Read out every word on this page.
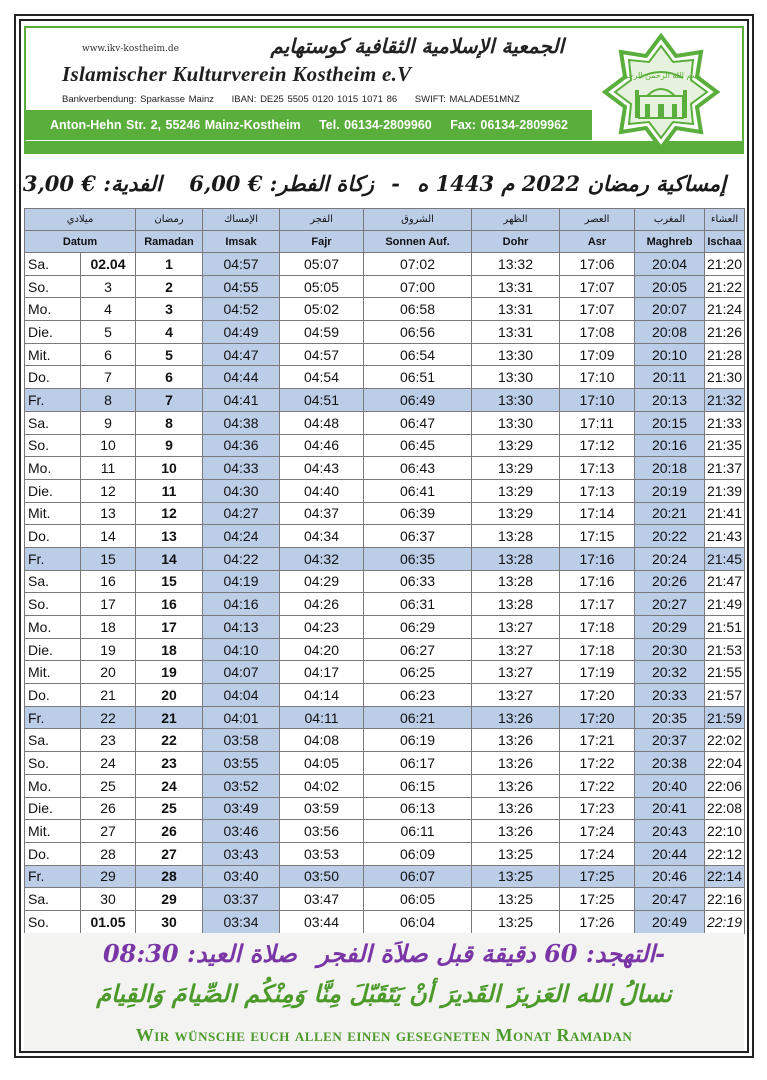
www.ikv-kostheim.de	الجمعية الإسلامية الثقافية كوستهايم
Islamischer Kulturverein Kostheim e.V
Bankverbendung: Sparkasse Mainz IBAN: DE25 5505 0120 1015 1071 86 SWIFT: MALADE51MNZ
Anton-Hehn Str. 2, 55246 Mainz-Kostheim Tel. 06134-2809960 Fax: 06134-2809962
بسم الله الرحمن الرحيم
إمساكية رمضان 2022 م 1443 ه - زكاة الفطر: € 6,00 الفدية: € 3,00
ميلادي		رمضان	الإمساك	الفجر	الشروق	الظهر	العصر	المغرب	العشاء
Datum		Ramadan	Imsak	Fajr	Sonnen Auf.	Dohr	Asr	Maghreb	Ischaa
Sa.	02.04	1	04:57	05:07	07:02	13:32	17:06	20:04	21:20
So.	3	2	04:55	05:05	07:00	13:31	17:07	20:05	21:22
Mo.	4	3	04:52	05:02	06:58	13:31	17:07	20:07	21:24
Die.	5	4	04:49	04:59	06:56	13:31	17:08	20:08	21:26
Mit.	6	5	04:47	04:57	06:54	13:30	17:09	20:10	21:28
Do.	7	6	04:44	04:54	06:51	13:30	17:10	20:11	21:30
Fr.	8	7	04:41	04:51	06:49	13:30	17:10	20:13	21:32
Sa.	9	8	04:38	04:48	06:47	13:30	17:11	20:15	21:33
So.	10	9	04:36	04:46	06:45	13:29	17:12	20:16	21:35
Mo.	11	10	04:33	04:43	06:43	13:29	17:13	20:18	21:37
Die.	12	11	04:30	04:40	06:41	13:29	17:13	20:19	21:39
Mit.	13	12	04:27	04:37	06:39	13:29	17:14	20:21	21:41
Do.	14	13	04:24	04:34	06:37	13:28	17:15	20:22	21:43
Fr.	15	14	04:22	04:32	06:35	13:28	17:16	20:24	21:45
Sa.	16	15	04:19	04:29	06:33	13:28	17:16	20:26	21:47
So.	17	16	04:16	04:26	06:31	13:28	17:17	20:27	21:49
Mo.	18	17	04:13	04:23	06:29	13:27	17:18	20:29	21:51
Die.	19	18	04:10	04:20	06:27	13:27	17:18	20:30	21:53
Mit.	20	19	04:07	04:17	06:25	13:27	17:19	20:32	21:55
Do.	21	20	04:04	04:14	06:23	13:27	17:20	20:33	21:57
Fr.	22	21	04:01	04:11	06:21	13:26	17:20	20:35	21:59
Sa.	23	22	03:58	04:08	06:19	13:26	17:21	20:37	22:02
So.	24	23	03:55	04:05	06:17	13:26	17:22	20:38	22:04
Mo.	25	24	03:52	04:02	06:15	13:26	17:22	20:40	22:06
Die.	26	25	03:49	03:59	06:13	13:26	17:23	20:41	22:08
Mit.	27	26	03:46	03:56	06:11	13:26	17:24	20:43	22:10
Do.	28	27	03:43	03:53	06:09	13:25	17:24	20:44	22:12
Fr.	29	28	03:40	03:50	06:07	13:25	17:25	20:46	22:14
Sa.	30	29	03:37	03:47	06:05	13:25	17:25	20:47	22:16
So.	01.05	30	03:34	03:44	06:04	13:25	17:26	20:49	22:19
-التهجد: 60 دقيقة قبل صلاَة الفجر صلاة العيد: 08:30
نسالُ الله العَزيزَ القَديرَ أنْ يَتَقَبّلَ مِنَّا وَمِنْكُم الصِّيامَ وَالقِيامَ
Wir wünsche euch allen einen gesegneten Monat Ramadan
